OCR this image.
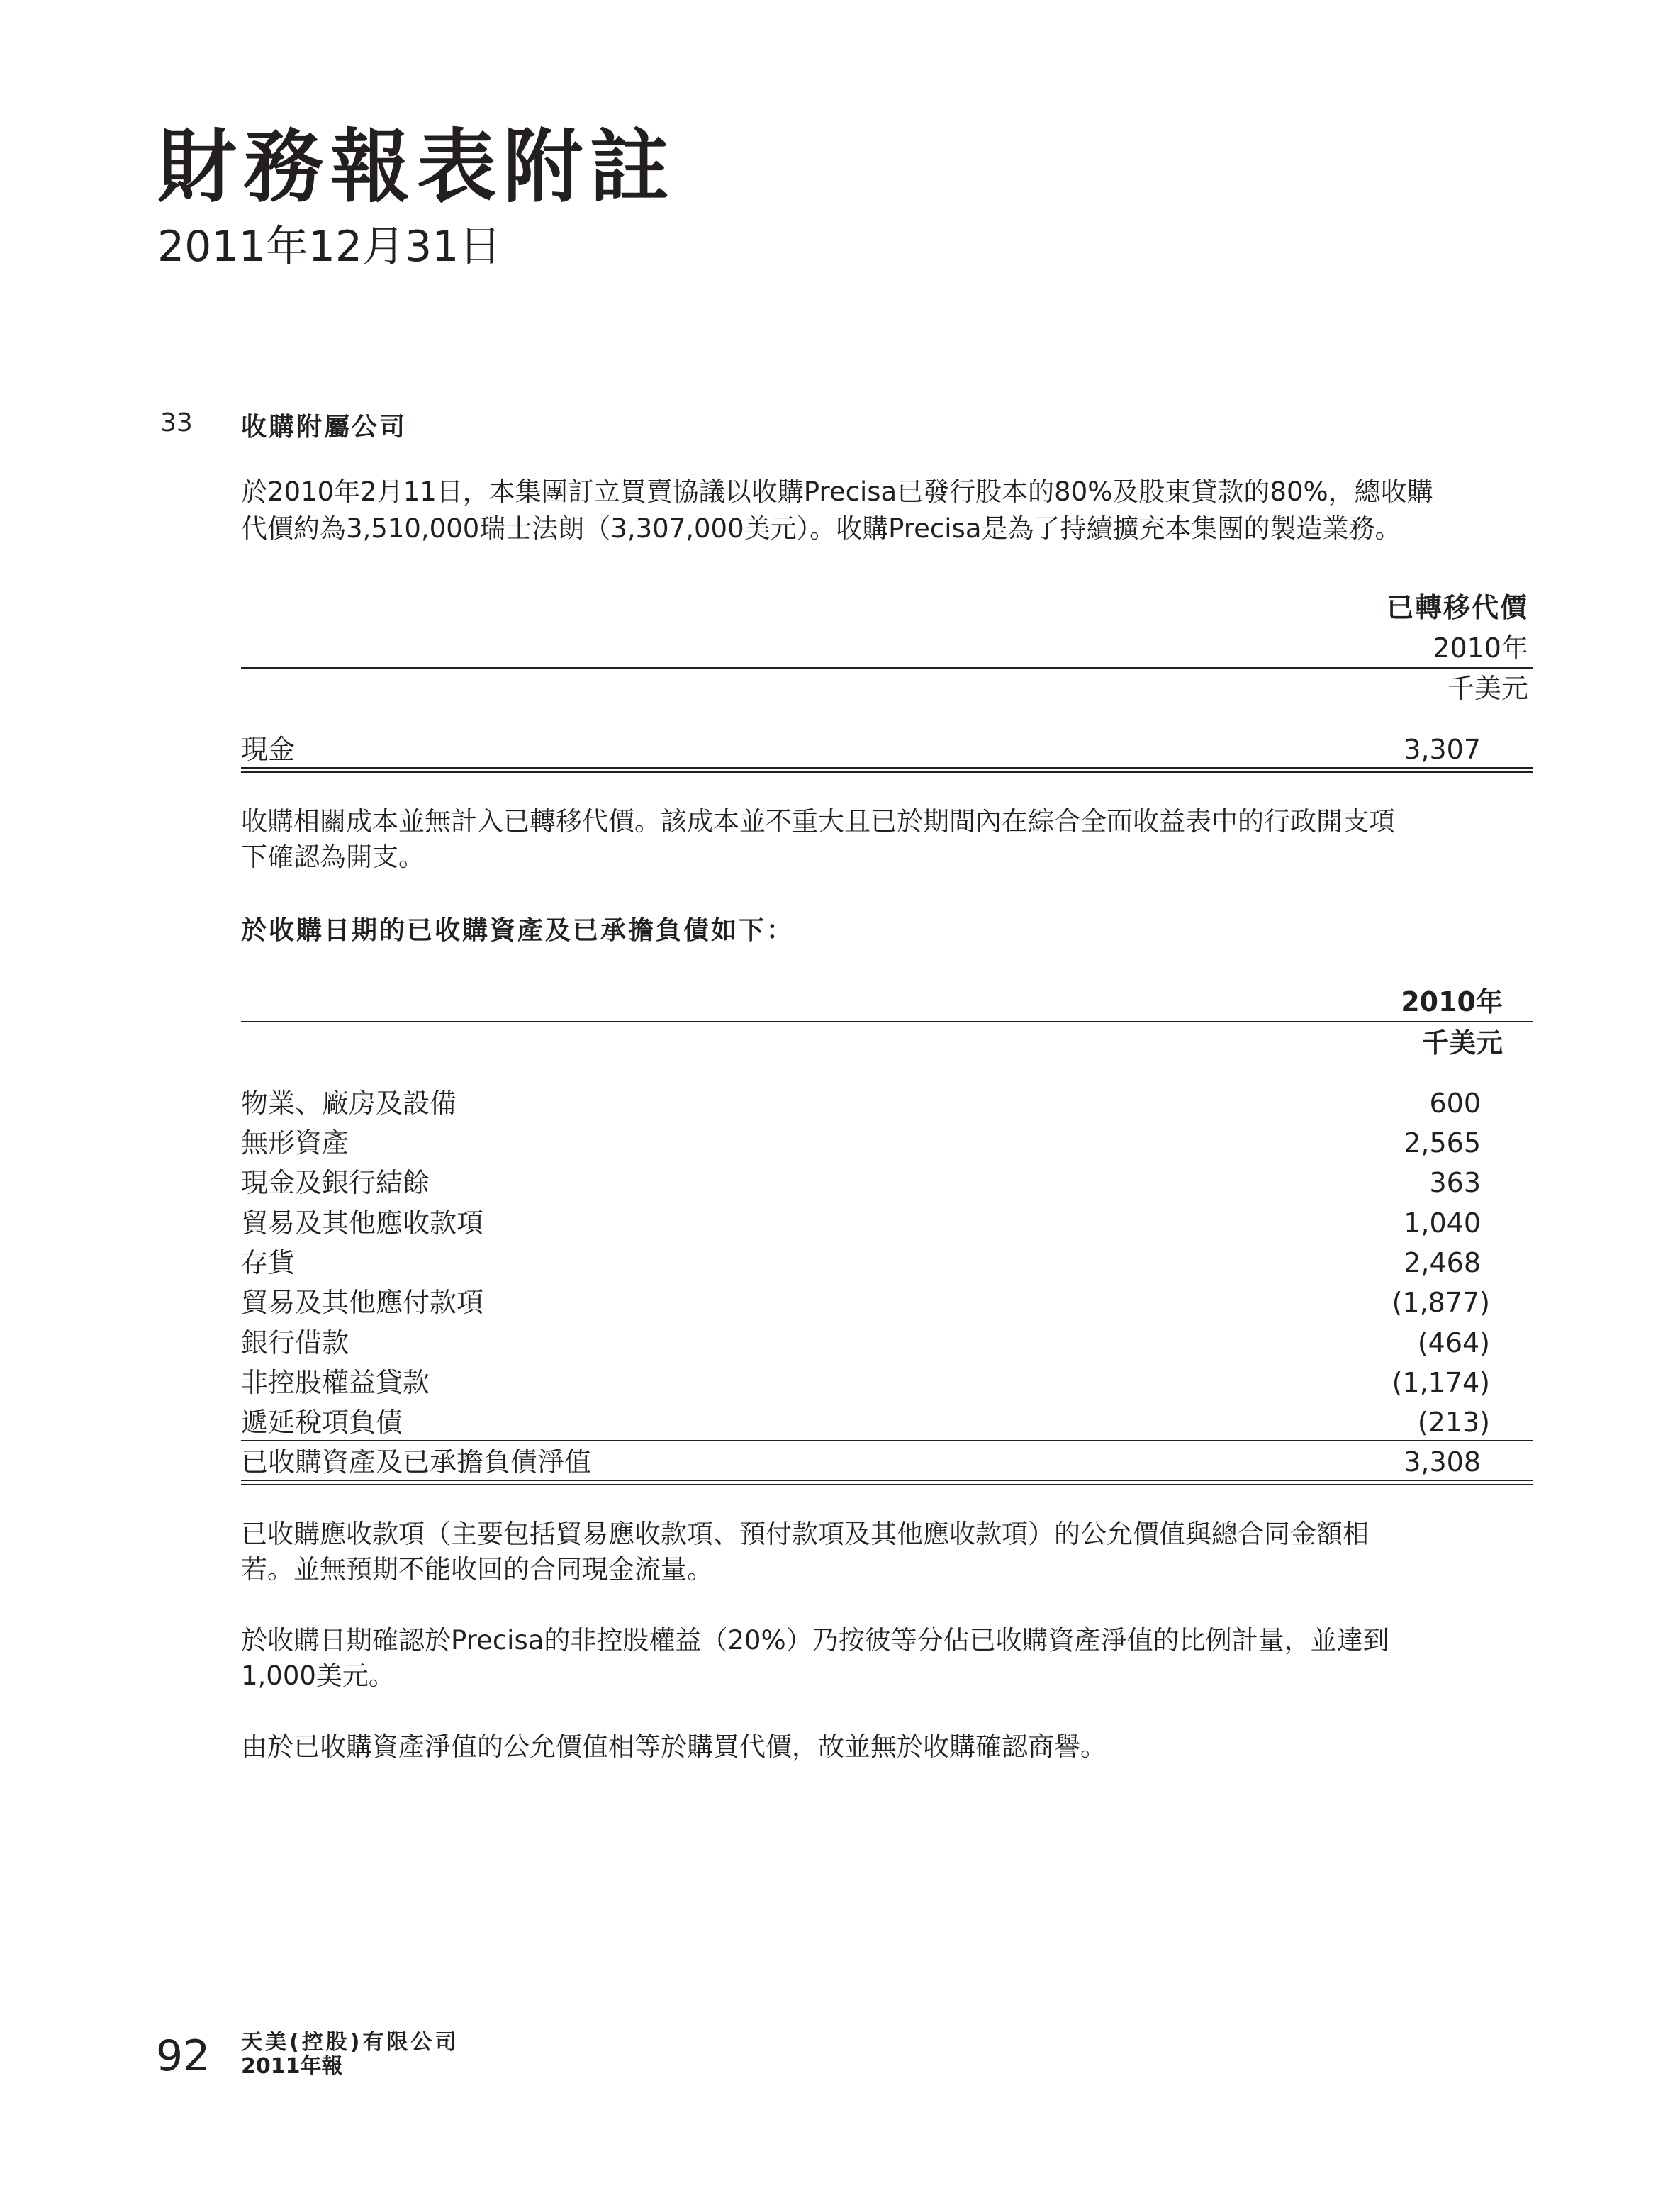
財務報表附註
2011年12月31日
33 收購附屬公司
於2010年2月11日，本集團訂立買賣協議以收購Precisa已發行股本的80%及股東貸款的80%，總收購
代價約為3,510,000瑞士法朗（3,307,000美元）。收購Precisa是為了持續擴充本集團的製造業務。
已轉移代價
2010年
千美元
現金	3,307
收購相關成本並無計入已轉移代價。該成本並不重大且已於期間內在綜合全面收益表中的行政開支項
下確認為開支。
於收購日期的已收購資產及已承擔負債如下：
2010年
千美元
物業、廠房及設備	600
無形資產	2,565
現金及銀行結餘	363
貿易及其他應收款項	1,040
存貨	2,468
貿易及其他應付款項	(1,877)
銀行借款	(464)
非控股權益貸款	(1,174)
遞延稅項負債	(213)
已收購資產及已承擔負債淨值	3,308
已收購應收款項（主要包括貿易應收款項、預付款項及其他應收款項）的公允價值與總合同金額相
若。並無預期不能收回的合同現金流量。
於收購日期確認於Precisa的非控股權益（20%）乃按彼等分佔已收購資產淨值的比例計量，並達到
1,000美元。
由於已收購資產淨值的公允價值相等於購買代價，故並無於收購確認商譽。
92 天美(控股)有限公司
2011年報
